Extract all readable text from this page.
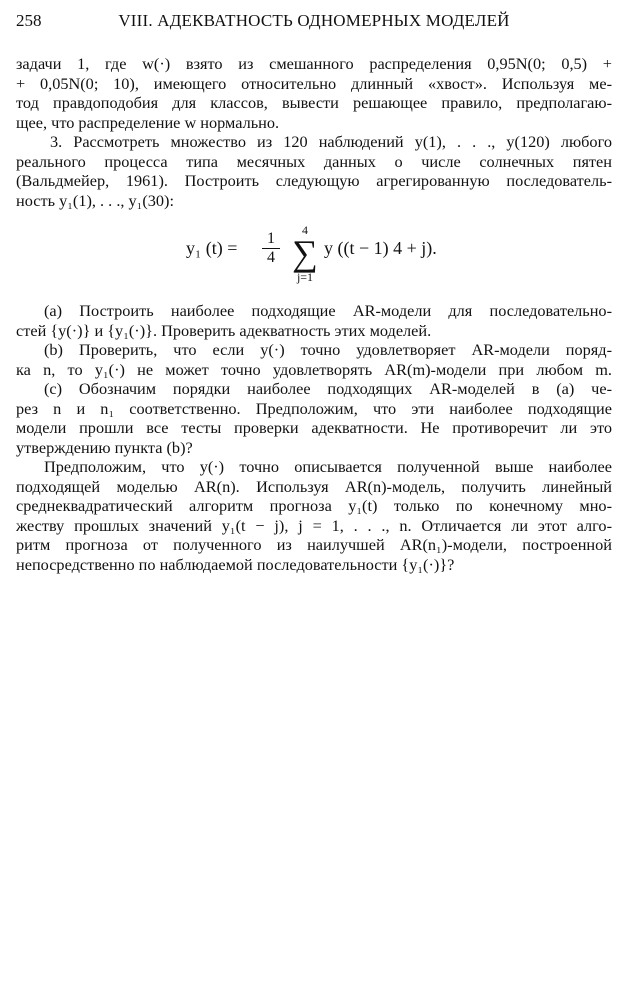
258	VIII. АДЕКВАТНОСТЬ ОДНОМЕРНЫХ МОДЕЛЕЙ
задачи 1, где w(·) взято из смешанного распределения 0,95N(0; 0,5) +
+ 0,05N(0; 10), имеющего относительно длинный «хвост». Используя ме-
тод правдоподобия для классов, вывести решающее правило, предполагаю-
щее, что распределение w нормально.
3. Рассмотреть множество из 120 наблюдений y(1), . . ., y(120) любого
реального процесса типа месячных данных о числе солнечных пятен
(Вальдмейер, 1961). Построить следующую агрегированную последователь-
ность y₁(1), . . ., y₁(30):
y₁ (t) =	1
4
4
∑
j=1
y ((t − 1) 4 + j).
(a) Построить наиболее подходящие AR-модели для последовательно-
стей {y(·)} и {y₁(·)}. Проверить адекватность этих моделей.
(b) Проверить, что если y(·) точно удовлетворяет AR-модели поряд-
ка n, то y₁(·) не может точно удовлетворять AR(m)-модели при любом m.
(c) Обозначим порядки наиболее подходящих AR-моделей в (a) че-
рез n и n₁ соответственно. Предположим, что эти наиболее подходящие
модели прошли все тесты проверки адекватности. Не противоречит ли это
утверждению пункта (b)?
Предположим, что y(·) точно описывается полученной выше наиболее
подходящей моделью AR(n). Используя AR(n)-модель, получить линейный
среднеквадратический алгоритм прогноза y₁(t) только по конечному мно-
жеству прошлых значений y₁(t − j), j = 1, . . ., n. Отличается ли этот алго-
ритм прогноза от полученного из наилучшей AR(n₁)-модели, построенной
непосредственно по наблюдаемой последовательности {y₁(·)}?
